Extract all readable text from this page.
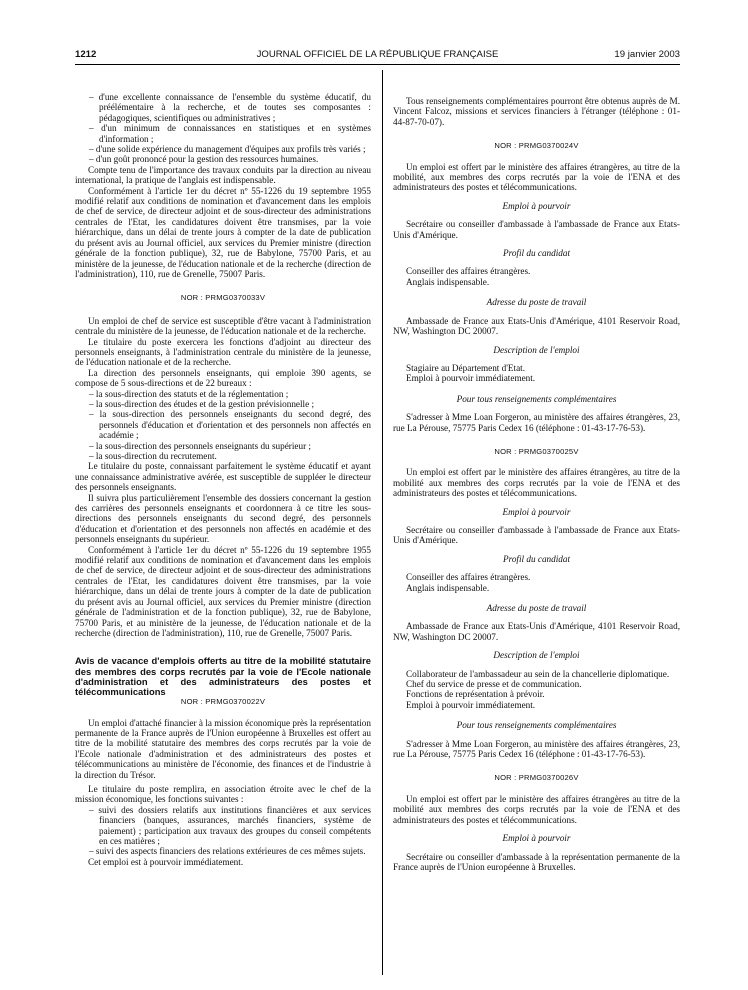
1212	JOURNAL OFFICIEL DE LA RÉPUBLIQUE FRANÇAISE	19 janvier 2003

– d'une excellente connaissance de l'ensemble du système éducatif, du préélémentaire à la recherche, et de toutes ses composantes : pédagogiques, scientifiques ou administratives ;

– d'un minimum de connaissances en statistiques et en systèmes d'information ;

– d'une solide expérience du management d'équipes aux profils très variés ;

– d'un goût prononcé pour la gestion des ressources humaines.

Compte tenu de l'importance des travaux conduits par la direction au niveau international, la pratique de l'anglais est indispensable.

Conformément à l'article 1er du décret nº 55-1226 du 19 septembre 1955 modifié relatif aux conditions de nomination et d'avancement dans les emplois de chef de service, de directeur adjoint et de sous-directeur des administrations centrales de l'Etat, les candidatures doivent être transmises, par la voie hiérarchique, dans un délai de trente jours à compter de la date de publication du présent avis au Journal officiel, aux services du Premier ministre (direction générale de la fonction publique), 32, rue de Babylone, 75700 Paris, et au ministère de la jeunesse, de l'éducation nationale et de la recherche (direction de l'administration), 110, rue de Grenelle, 75007 Paris.

NOR : PRMG0370033V

Un emploi de chef de service est susceptible d'être vacant à l'administration centrale du ministère de la jeunesse, de l'éducation nationale et de la recherche.

Le titulaire du poste exercera les fonctions d'adjoint au directeur des personnels enseignants, à l'administration centrale du ministère de la jeunesse, de l'éducation nationale et de la recherche.

La direction des personnels enseignants, qui emploie 390 agents, se compose de 5 sous-directions et de 22 bureaux :

– la sous-direction des statuts et de la réglementation ;

– la sous-direction des études et de la gestion prévisionnelle ;

– la sous-direction des personnels enseignants du second degré, des personnels d'éducation et d'orientation et des personnels non affectés en académie ;

– la sous-direction des personnels enseignants du supérieur ;

– la sous-direction du recrutement.

Le titulaire du poste, connaissant parfaitement le système éducatif et ayant une connaissance administrative avérée, est susceptible de suppléer le directeur des personnels enseignants.

Il suivra plus particulièrement l'ensemble des dossiers concernant la gestion des carrières des personnels enseignants et coordonnera à ce titre les sous-directions des personnels enseignants du second degré, des personnels d'éducation et d'orientation et des personnels non affectés en académie et des personnels enseignants du supérieur.

Conformément à l'article 1er du décret nº 55-1226 du 19 septembre 1955 modifié relatif aux conditions de nomination et d'avancement dans les emplois de chef de service, de directeur adjoint et de sous-directeur des administrations centrales de l'Etat, les candidatures doivent être transmises, par la voie hiérarchique, dans un délai de trente jours à compter de la date de publication du présent avis au Journal officiel, aux services du Premier ministre (direction générale de l'administration et de la fonction publique), 32, rue de Babylone, 75700 Paris, et au ministère de la jeunesse, de l'éducation nationale et de la recherche (direction de l'administration), 110, rue de Grenelle, 75007 Paris.

Avis de vacance d'emplois offerts au titre de la mobilité statutaire des membres des corps recrutés par la voie de l'Ecole nationale d'administration et des administrateurs des postes et télécommunications

NOR : PRMG0370022V

Un emploi d'attaché financier à la mission économique près la représentation permanente de la France auprès de l'Union européenne à Bruxelles est offert au titre de la mobilité statutaire des membres des corps recrutés par la voie de l'Ecole nationale d'administration et des administrateurs des postes et télécommunications au ministère de l'économie, des finances et de l'industrie à la direction du Trésor.

Le titulaire du poste remplira, en association étroite avec le chef de la mission économique, les fonctions suivantes :

– suivi des dossiers relatifs aux institutions financières et aux services financiers (banques, assurances, marchés financiers, système de paiement) ; participation aux travaux des groupes du conseil compétents en ces matières ;

– suivi des aspects financiers des relations extérieures de ces mêmes sujets.

Cet emploi est à pourvoir immédiatement.

Tous renseignements complémentaires pourront être obtenus auprès de M. Vincent Falcoz, missions et services financiers à l'étranger (téléphone : 01-44-87-70-07).

NOR : PRMG0370024V

Un emploi est offert par le ministère des affaires étrangères, au titre de la mobilité, aux membres des corps recrutés par la voie de l'ENA et des administrateurs des postes et télécommunications.

Emploi à pourvoir

Secrétaire ou conseiller d'ambassade à l'ambassade de France aux Etats-Unis d'Amérique.

Profil du candidat

Conseiller des affaires étrangères.

Anglais indispensable.

Adresse du poste de travail

Ambassade de France aux Etats-Unis d'Amérique, 4101 Reservoir Road, NW, Washington DC 20007.

Description de l'emploi

Stagiaire au Département d'Etat.

Emploi à pourvoir immédiatement.

Pour tous renseignements complémentaires

S'adresser à Mme Loan Forgeron, au ministère des affaires étrangères, 23, rue La Pérouse, 75775 Paris Cedex 16 (téléphone : 01-43-17-76-53).

NOR : PRMG0370025V

Un emploi est offert par le ministère des affaires étrangères, au titre de la mobilité aux membres des corps recrutés par la voie de l'ENA et des administrateurs des postes et télécommunications.

Emploi à pourvoir

Secrétaire ou conseiller d'ambassade à l'ambassade de France aux Etats-Unis d'Amérique.

Profil du candidat

Conseiller des affaires étrangères.

Anglais indispensable.

Adresse du poste de travail

Ambassade de France aux Etats-Unis d'Amérique, 4101 Reservoir Road, NW, Washington DC 20007.

Description de l'emploi

Collaborateur de l'ambassadeur au sein de la chancellerie diplomatique.

Chef du service de presse et de communication.

Fonctions de représentation à prévoir.

Emploi à pourvoir immédiatement.

Pour tous renseignements complémentaires

S'adresser à Mme Loan Forgeron, au ministère des affaires étrangères, 23, rue La Pérouse, 75775 Paris Cedex 16 (téléphone : 01-43-17-76-53).

NOR : PRMG0370026V

Un emploi est offert par le ministère des affaires étrangères au titre de la mobilité aux membres des corps recrutés par la voie de l'ENA et des administrateurs des postes et télécommunications.

Emploi à pourvoir

Secrétaire ou conseiller d'ambassade à la représentation permanente de la France auprès de l'Union européenne à Bruxelles.
